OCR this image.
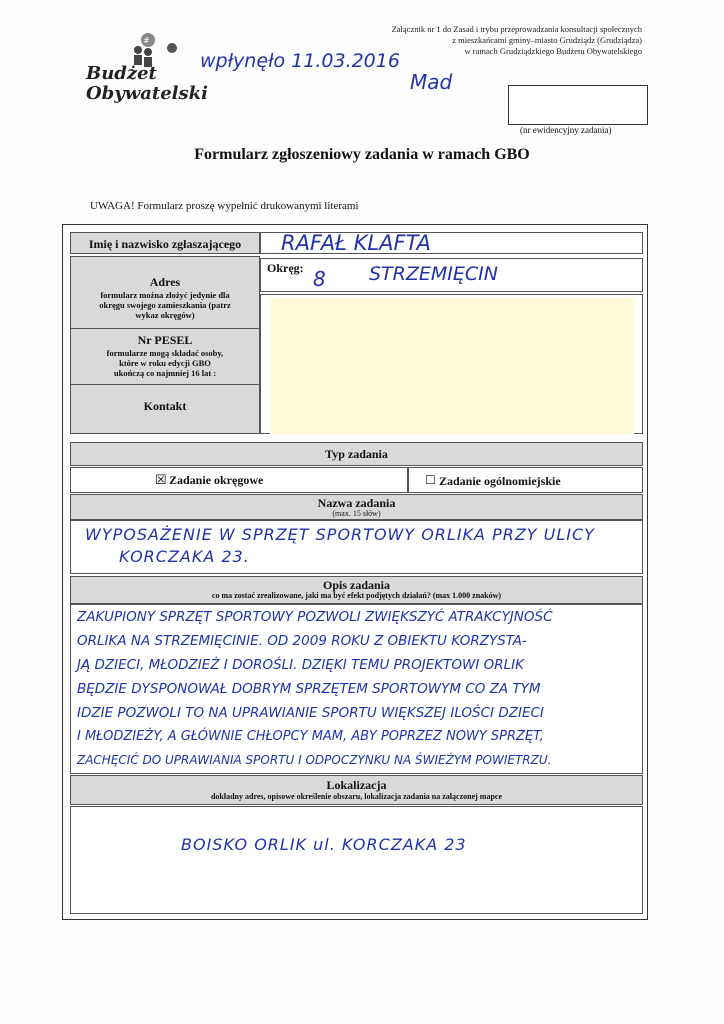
#
Budżet
Obywatelski
wpłynęło 11.03.2016
Mad
Załącznik nr 1 do Zasad i trybu przeprowadzania konsultacji społecznych
z mieszkańcami gminy–miasto Grudziądz (Grudziądza)
w ramach Grudziądzkiego Budżetu Obywatelskiego
(nr ewidencyjny zadania)
Formularz zgłoszeniowy zadania w ramach GBO
UWAGA! Formularz proszę wypełnić drukowanymi literami
Imię i nazwisko zgłaszającego	RAFAŁ KLAFTA
Adres
formularz można złożyć jedynie dla okręgu swojego zamieszkania (patrz wykaz okręgów)
Nr PESEL
formularze mogą składać osoby, które w roku edycji GBO ukończą co najmniej 16 lat :
Kontakt
Okręg: 8 STRZEMIĘCIN
Typ zadania
☒ Zadanie okręgowe	☐ Zadanie ogólnomiejskie
Nazwa zadania
(max. 15 słów)
WYPOSAŻENIE W SPRZĘT SPORTOWY ORLIKA PRZY ULICY
KORCZAKA 23.
Opis zadania
co ma zostać zrealizowane, jaki ma być efekt podjętych działań? (max 1.000 znaków)
ZAKUPIONY SPRZĘT SPORTOWY POZWOLI ZWIĘKSZYĆ ATRAKCYJNOŚĆ
ORLIKA NA STRZEMIĘCINIE. OD 2009 ROKU Z OBIEKTU KORZYSTA-
JĄ DZIECI, MŁODZIEŻ I DOROŚLI. DZIĘKI TEMU PROJEKTOWI ORLIK
BĘDZIE DYSPONOWAŁ DOBRYM SPRZĘTEM SPORTOWYM CO ZA TYM
IDZIE POZWOLI TO NA UPRAWIANIE SPORTU WIĘKSZEJ ILOŚCI DZIECI
I MŁODZIEŻY, A GŁÓWNIE CHŁOPCY MAM, ABY POPRZEZ NOWY SPRZĘT,
ZACHĘCIĆ DO UPRAWIANIA SPORTU I ODPOCZYNKU NA ŚWIEŻYM POWIETRZU.
Lokalizacja
dokładny adres, opisowe określenie obszaru, lokalizacja zadania na załączonej mapce
BOISKO ORLIK ul. KORCZAKA 23
